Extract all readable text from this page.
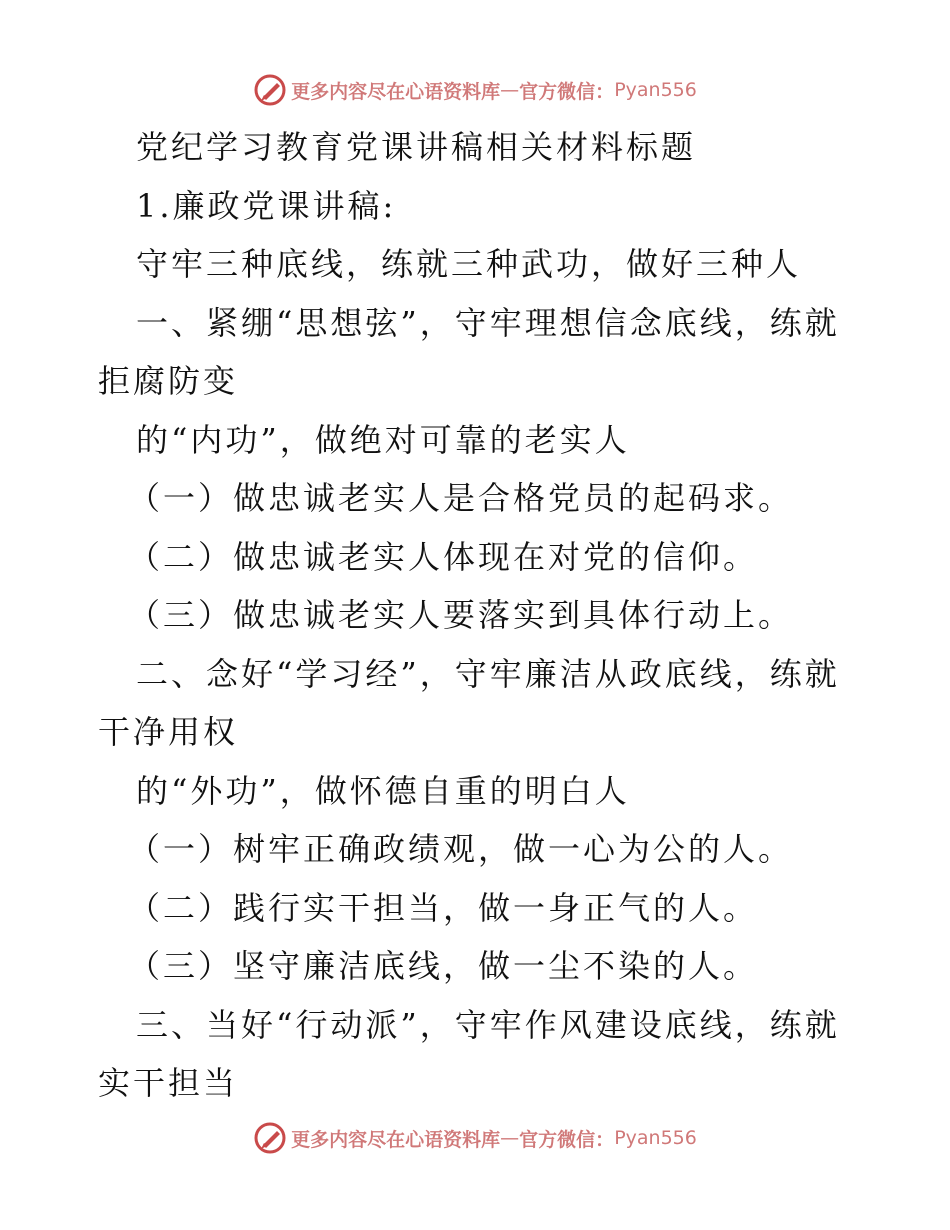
更多内容尽在心语资料库 — 官方微信： Pyan556
党纪学习教育党课讲稿相关材料标题
1.廉政党课讲稿:
守牢三种底线，练就三种武功，做好三种人
一、紧绷“思想弦”，守牢理想信念底线，练就
拒腐防变
的“内功”，做绝对可靠的老实人
（一）做忠诚老实人是合格党员的起码求。
（二）做忠诚老实人体现在对党的信仰。
（三）做忠诚老实人要落实到具体行动上。
二、念好“学习经”，守牢廉洁从政底线，练就
干净用权
的“外功”，做怀德自重的明白人
（一）树牢正确政绩观，做一心为公的人。
（二）践行实干担当，做一身正气的人。
（三）坚守廉洁底线，做一尘不染的人。
三、当好“行动派”，守牢作风建设底线，练就
实干担当
更多内容尽在心语资料库 — 官方微信： Pyan556
